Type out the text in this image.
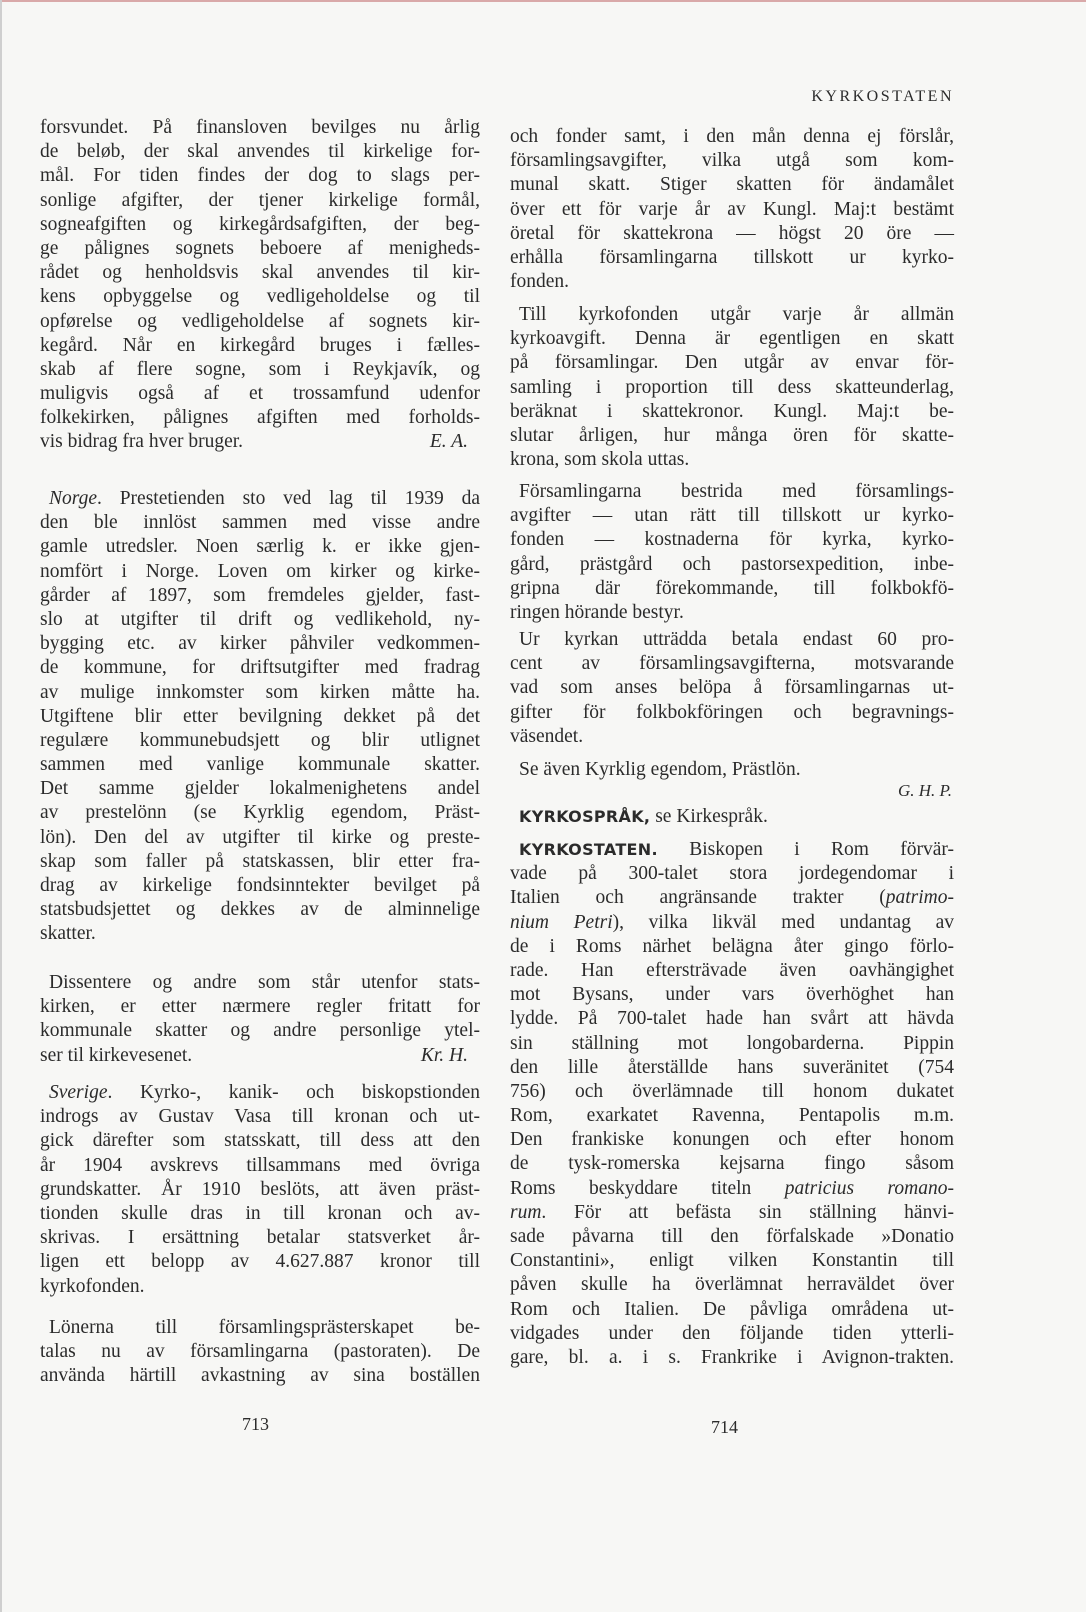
KYRKOSTATEN
forsvundet. På finansloven bevilges nu årlig
de beløb, der skal anvendes til kirkelige for-
mål. For tiden findes der dog to slags per-
sonlige afgifter, der tjener kirkelige formål,
sogneafgiften og kirkegårdsafgiften, der beg-
ge pålignes sognets beboere af menigheds-
rådet og henholdsvis skal anvendes til kir-
kens opbyggelse og vedligeholdelse og til
opførelse og vedligeholdelse af sognets kir-
kegård. Når en kirkegård bruges i fælles-
skab af flere sogne, som i Reykjavík, og
muligvis også af et trossamfund udenfor
folkekirken, pålignes afgiften med forholds-
vis bidrag fra hver bruger.	E. A.
Norge. Prestetienden sto ved lag til 1939 da
den ble innlöst sammen med visse andre
gamle utredsler. Noen særlig k. er ikke gjen-
nomfört i Norge. Loven om kirker og kirke-
gårder af 1897, som fremdeles gjelder, fast-
slo at utgifter til drift og vedlikehold, ny-
bygging etc. av kirker påhviler vedkommen-
de kommune, for driftsutgifter med fradrag
av mulige innkomster som kirken måtte ha.
Utgiftene blir etter bevilgning dekket på det
regulære kommunebudsjett og blir utlignet
sammen med vanlige kommunale skatter.
Det samme gjelder lokalmenighetens andel
av prestelönn (se Kyrklig egendom, Präst-
lön). Den del av utgifter til kirke og preste-
skap som faller på statskassen, blir etter fra-
drag av kirkelige fondsinntekter bevilget på
statsbudsjettet og dekkes av de alminnelige
skatter.
Dissentere og andre som står utenfor stats-
kirken, er etter nærmere regler fritatt for
kommunale skatter og andre personlige ytel-
ser til kirkevesenet.	Kr. H.
Sverige. Kyrko-, kanik- och biskopstionden
indrogs av Gustav Vasa till kronan och ut-
gick därefter som statsskatt, till dess att den
år 1904 avskrevs tillsammans med övriga
grundskatter. År 1910 beslöts, att även präst-
tionden skulle dras in till kronan och av-
skrivas. I ersättning betalar statsverket år-
ligen ett belopp av 4.627.887 kronor till
kyrkofonden.
Lönerna till församlingsprästerskapet be-
talas nu av församlingarna (pastoraten). De
använda härtill avkastning av sina boställen
och fonder samt, i den mån denna ej förslår,
församlingsavgifter, vilka utgå som kom-
munal skatt. Stiger skatten för ändamålet
över ett för varje år av Kungl. Maj:t bestämt
öretal för skattekrona — högst 20 öre —
erhålla församlingarna tillskott ur kyrko-
fonden.
Till kyrkofonden utgår varje år allmän
kyrkoavgift. Denna är egentligen en skatt
på församlingar. Den utgår av envar för-
samling i proportion till dess skatteunderlag,
beräknat i skattekronor. Kungl. Maj:t be-
slutar årligen, hur många ören för skatte-
krona, som skola uttas.
Församlingarna bestrida med församlings-
avgifter — utan rätt till tillskott ur kyrko-
fonden — kostnaderna för kyrka, kyrko-
gård, prästgård och pastorsexpedition, inbe-
gripna där förekommande, till folkbokfö-
ringen hörande bestyr.
Ur kyrkan utträdda betala endast 60 pro-
cent av församlingsavgifterna, motsvarande
vad som anses belöpa å församlingarnas ut-
gifter för folkbokföringen och begravnings-
väsendet.
Se även Kyrklig egendom, Prästlön.
KYRKOSPRÅK, se Kirkespråk.
KYRKOSTATEN. Biskopen i Rom förvär-
vade på 300-talet stora jordegendomar i
Italien och angränsande trakter (patrimo-
nium Petri), vilka likväl med undantag av
de i Roms närhet belägna åter gingo förlo-
rade. Han eftersträvade även oavhängighet
mot Bysans, under vars överhöghet han
lydde. På 700-talet hade han svårt att hävda
sin ställning mot longobarderna. Pippin
den lille återställde hans suveränitet (754
756) och överlämnade till honom dukatet
Rom, exarkatet Ravenna, Pentapolis m.m.
Den frankiske konungen och efter honom
de tysk-romerska kejsarna fingo såsom
Roms beskyddare titeln patricius romano-
rum. För att befästa sin ställning hänvi-
sade påvarna till den förfalskade »Donatio
Constantini», enligt vilken Konstantin till
påven skulle ha överlämnat herraväldet över
Rom och Italien. De påvliga områdena ut-
vidgades under den följande tiden ytterli-
gare, bl. a. i s. Frankrike i Avignon-trakten.
G. H. P.
713	714
